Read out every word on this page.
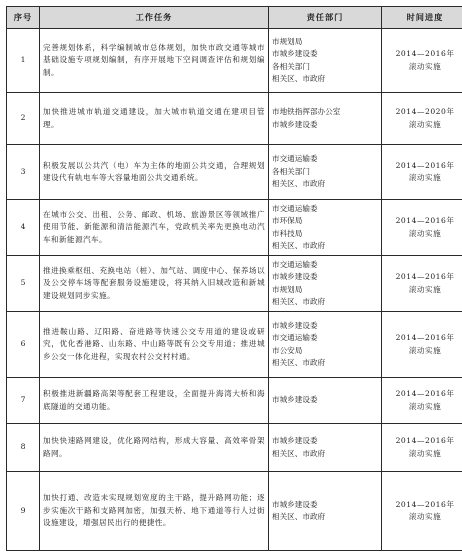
序号	工作任务	责任部门	时间进度
1	完善规划体系，科学编制城市总体规划，加快市政交通等城市基础设施专项规划编制，有序开展地下空间调查评估和规划编制。	市规划局
市城乡建设委
各相关部门
相关区、市政府	2014—2016年
滚动实施
2	加快推进城市轨道交通建设，加大城市轨道交通在建项目管理。	市地铁指挥部办公室
市城乡建设委	2014—2020年
滚动实施
3	积极发展以公共汽（电）车为主体的地面公共交通，合理规划建设代有轨电车等大容量地面公共交通系统。	市交通运输委
各相关部门
相关区、市政府	2014—2016年
滚动实施
4	在城市公交、出租、公务、邮政、机场、旅游景区等领域推广使用节能、新能源和清洁能源汽车，党政机关率先更换电动汽车和新能源汽车。	市交通运输委
市环保局
市科技局
相关区、市政府	2014—2016年
滚动实施
5	推进换乘枢纽、充换电站（桩）、加气站、调度中心、保养场以及公交停车场等配套服务设施建设，将其纳入旧城改造和新城建设规划同步实施。	市交通运输委
市城乡建设委
市规划局
相关区、市政府	2014—2016年
滚动实施
6	推进鞍山路、辽阳路、奋进路等快速公交专用道的建设或研究，优化香港路、山东路、中山路等既有公交专用道；推进城乡公交一体化进程，实现农村公交村村通。	市城乡建设委
市交通运输委
市公安局
相关区、市政府	2014—2016年
滚动实施
7	积极推进新疆路高架等配套工程建设，全面提升海湾大桥和海底隧道的交通功能。	市城乡建设委	2014—2016年
滚动实施
8	加快快速路网建设，优化路网结构，形成大容量、高效率骨架路网。	市城乡建设委
相关区、市政府	2014—2016年
滚动实施
9	加快打通、改造未实现规划宽度的主干路，提升路网功能；逐步实施次干路和支路网加密，加强天桥、地下通道等行人过街设施建设，增强居民出行的便捷性。	市城乡建设委
相关区、市政府	2014—2016年
滚动实施
